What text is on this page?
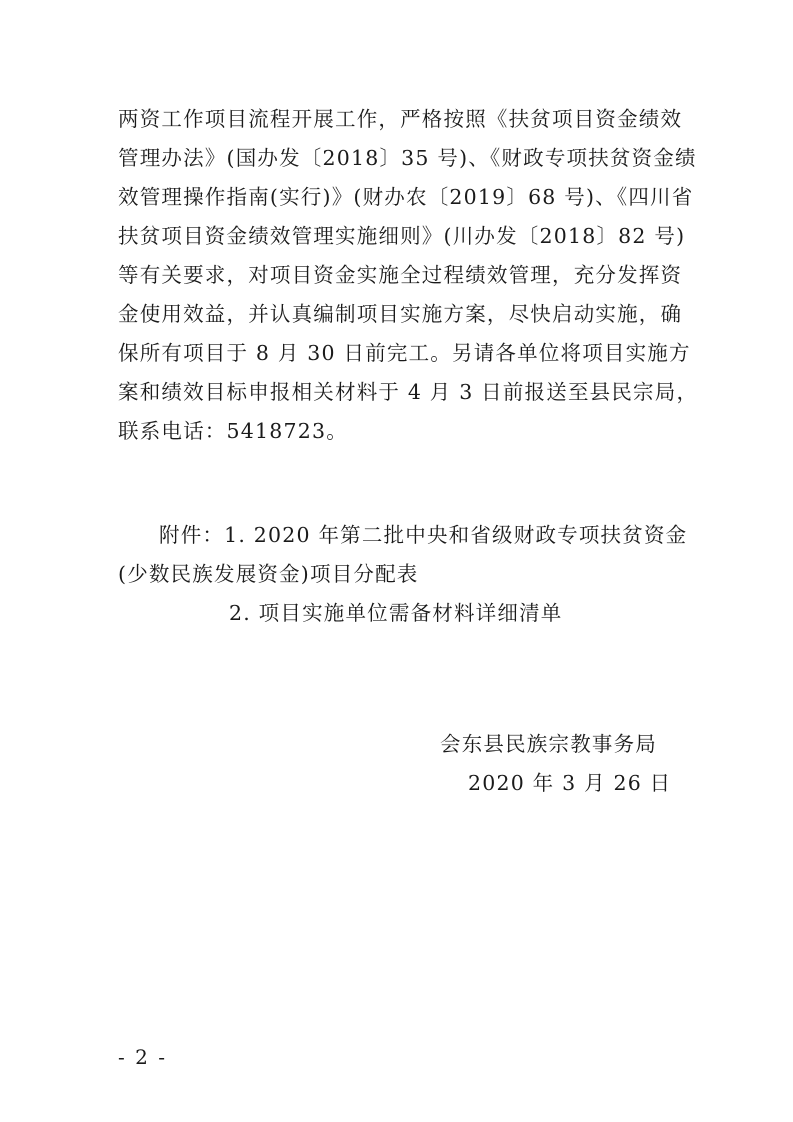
两资工作项目流程开展工作，严格按照《扶贫项目资金绩效
管理办法》(国办发〔2018〕35 号)、《财政专项扶贫资金绩
效管理操作指南(实行)》(财办农〔2019〕68 号)、《四川省
扶贫项目资金绩效管理实施细则》(川办发〔2018〕82 号)
等有关要求，对项目资金实施全过程绩效管理，充分发挥资
金使用效益，并认真编制项目实施方案，尽快启动实施，确
保所有项目于 8 月 30 日前完工。另请各单位将项目实施方
案和绩效目标申报相关材料于 4 月 3 日前报送至县民宗局，
联系电话：5418723。
附件：1. 2020 年第二批中央和省级财政专项扶贫资金
(少数民族发展资金)项目分配表
2. 项目实施单位需备材料详细清单
会东县民族宗教事务局
2020 年 3 月 26 日
- 2 -
